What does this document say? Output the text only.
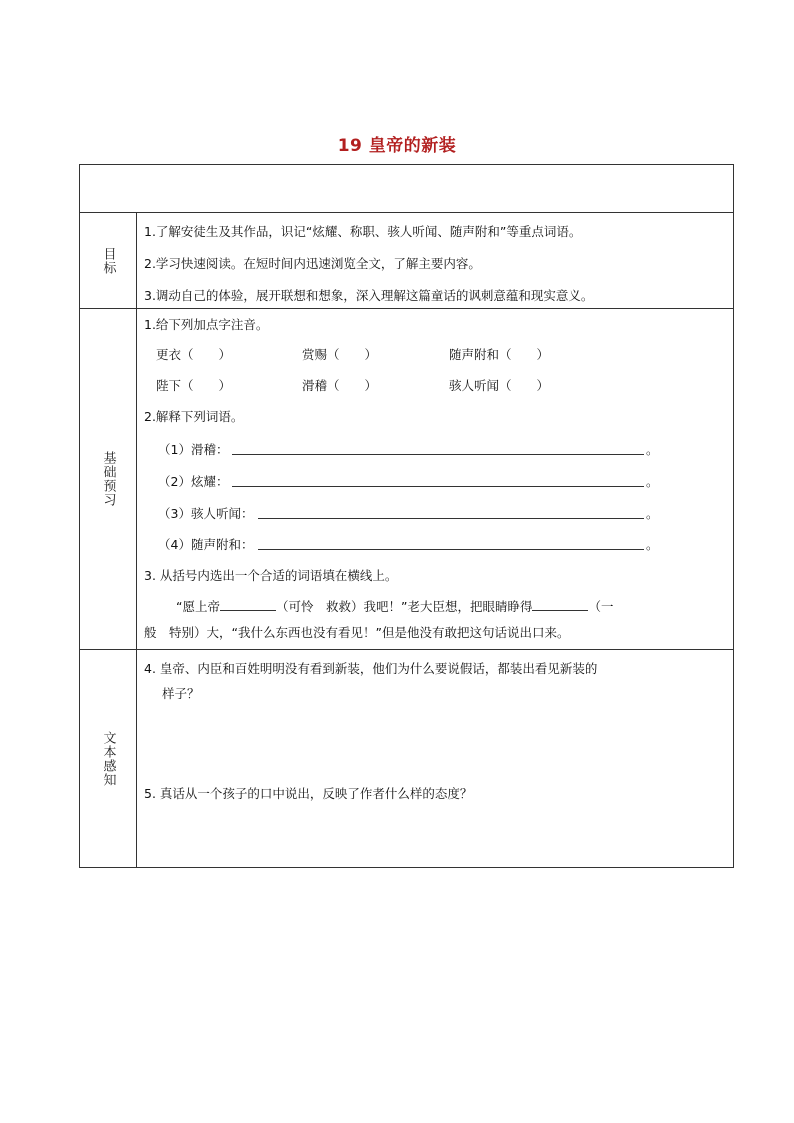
19 皇帝的新装
目标
1.了解安徒生及其作品，识记“炫耀、称职、骇人听闻、随声附和”等重点词语。
2.学习快速阅读。在短时间内迅速浏览全文，了解主要内容。
3.调动自己的体验，展开联想和想象，深入理解这篇童话的讽刺意蕴和现实意义。
基础预习
1.给下列加点字注音。
更衣（　　）	赏赐（　　）	随声附和（　　）
陛下（　　）	滑稽（　　）	骇人听闻（　　）
2.解释下列词语。
（1）滑稽：	。
（2）炫耀：	。
（3）骇人听闻：	。
（4）随声附和：	。
3. 从括号内选出一个合适的词语填在横线上。
“愿上帝	（可怜　救救）我吧！”老大臣想，把眼睛睁得	（一
般　特别）大，“我什么东西也没有看见！”但是他没有敢把这句话说出口来。
文本感知
4. 皇帝、内臣和百姓明明没有看到新装，他们为什么要说假话，都装出看见新装的
样子？
5. 真话从一个孩子的口中说出，反映了作者什么样的态度？
